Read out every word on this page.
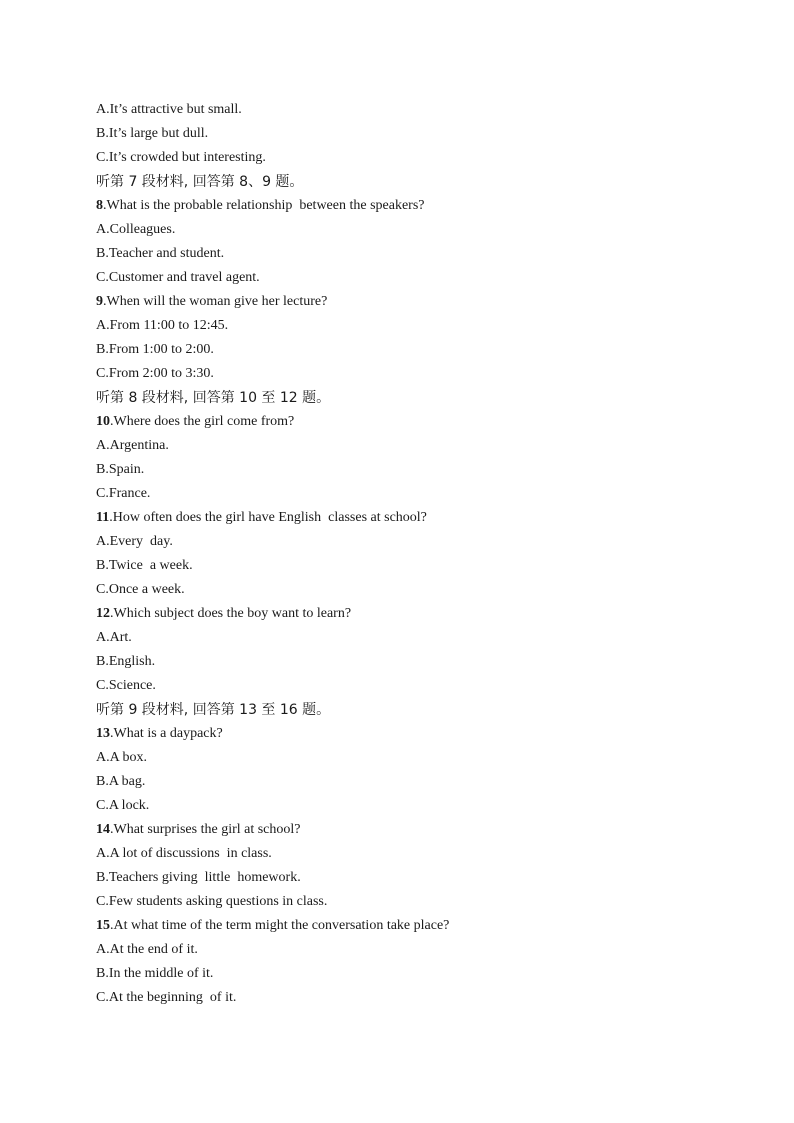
A.It’s attractive but small.
B.It’s large but dull.
C.It’s crowded but interesting.
听第 7 段材料, 回答第 8、9 题。
8.What is the probable relationship  between the speakers?
A.Colleagues.
B.Teacher and student.
C.Customer and travel agent.
9.When will the woman give her lecture?
A.From 11:00 to 12:45.
B.From 1:00 to 2:00.
C.From 2:00 to 3:30.
听第 8 段材料, 回答第 10 至 12 题。
10.Where does the girl come from?
A.Argentina.
B.Spain.
C.France.
11.How often does the girl have English  classes at school?
A.Every  day.
B.Twice  a week.
C.Once a week.
12.Which subject does the boy want to learn?
A.Art.
B.English.
C.Science.
听第 9 段材料, 回答第 13 至 16 题。
13.What is a daypack?
A.A box.
B.A bag.
C.A lock.
14.What surprises the girl at school?
A.A lot of discussions  in class.
B.Teachers giving  little  homework.
C.Few students asking questions in class.
15.At what time of the term might the conversation take place?
A.At the end of it.
B.In the middle of it.
C.At the beginning  of it.
